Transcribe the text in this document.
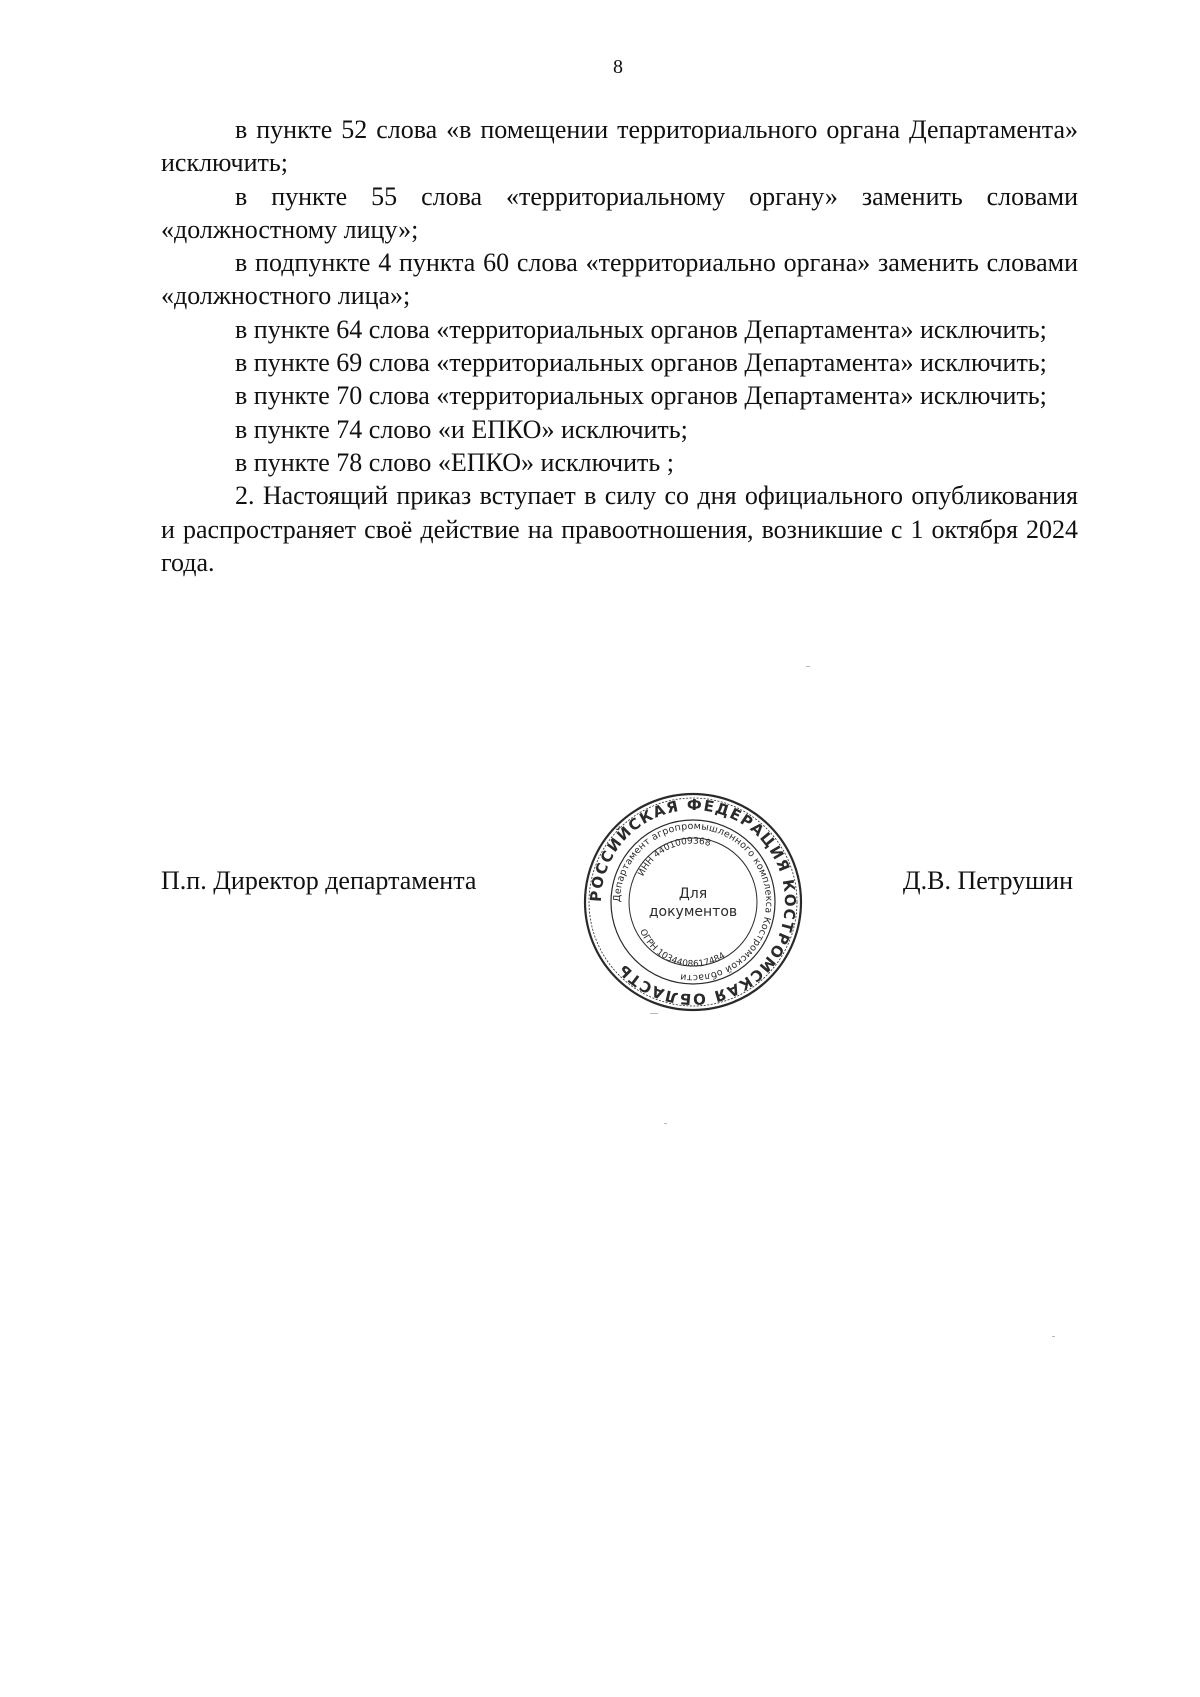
8

в пункте 52 слова «в помещении территориального органа Департамента» исключить;

в пункте 55 слова «территориальному органу» заменить словами «должностному лицу»;

в подпункте 4 пункта 60 слова «территориально органа» заменить словами «должностного лица»;

в пункте 64 слова «территориальных органов Департамента» исключить;

в пункте 69 слова «территориальных органов Департамента» исключить;

в пункте 70 слова «территориальных органов Департамента» исключить;

в пункте 74 слово «и ЕПКО» исключить;

в пункте 78 слово «ЕПКО» исключить ;

2. Настоящий приказ вступает в силу со дня официального опубликования и распространяет своё действие на правоотношения, возникшие с 1 октября 2024 года.

П.п. Директор департамента	Д.В. Петрушин
РОССИЙСКАЯ ФЕДЕРАЦИЯ КОСТРОМСКАЯ ОБЛАСТЬ
Департамент агропромышленного комплекса Костромской области
ИНН 4401009368
ОГРН 1034408617484
Для
документов
